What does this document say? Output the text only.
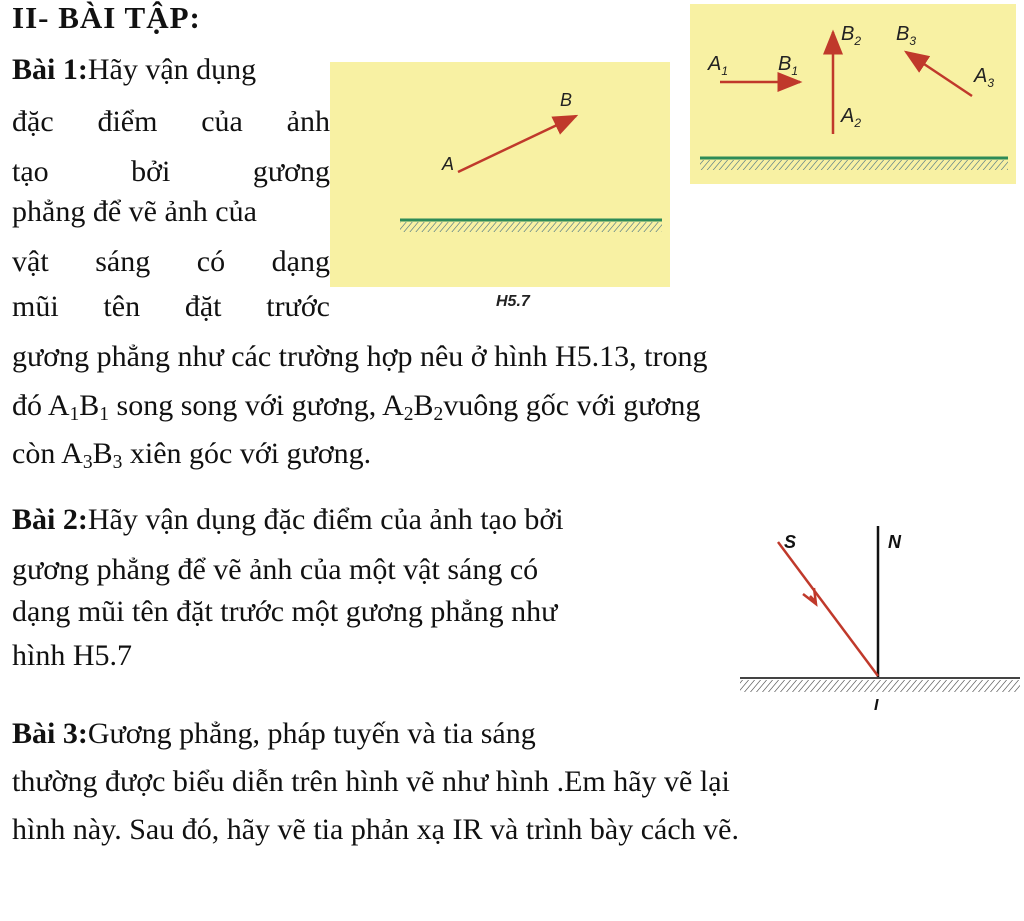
II- BÀI TẬP:
Bài 1:Hãy vận dụng
đặc điểm của ảnh
tạo	bởi	gương
phẳng để vẽ ảnh của
vật sáng có dạng
mũi tên đặt trước
gương phẳng như các trường hợp nêu ở hình H5.13, trong
đó $A_1B_1$ song song với gương, $A_2B_2vuông$ gốc với gương
còn $A_3B_3$ xiên góc với gương.
A
B
H5.7
$A_1$ $B_1$
$B_2$
$A_2$
$B_3$
$A_3$
Bài 2:Hãy vận dụng đặc điểm của ảnh tạo bởi
gương phẳng để vẽ ảnh của một vật sáng có
dạng mũi tên đặt trước một gương phẳng như
hình H5.7
N
S
I
Bài 3:Gương phẳng, pháp tuyến và tia sáng
thường được biểu diễn trên hình vẽ như hình .Em hãy vẽ lại
hình này. Sau đó, hãy vẽ tia phản xạ IR và trình bày cách vẽ.
